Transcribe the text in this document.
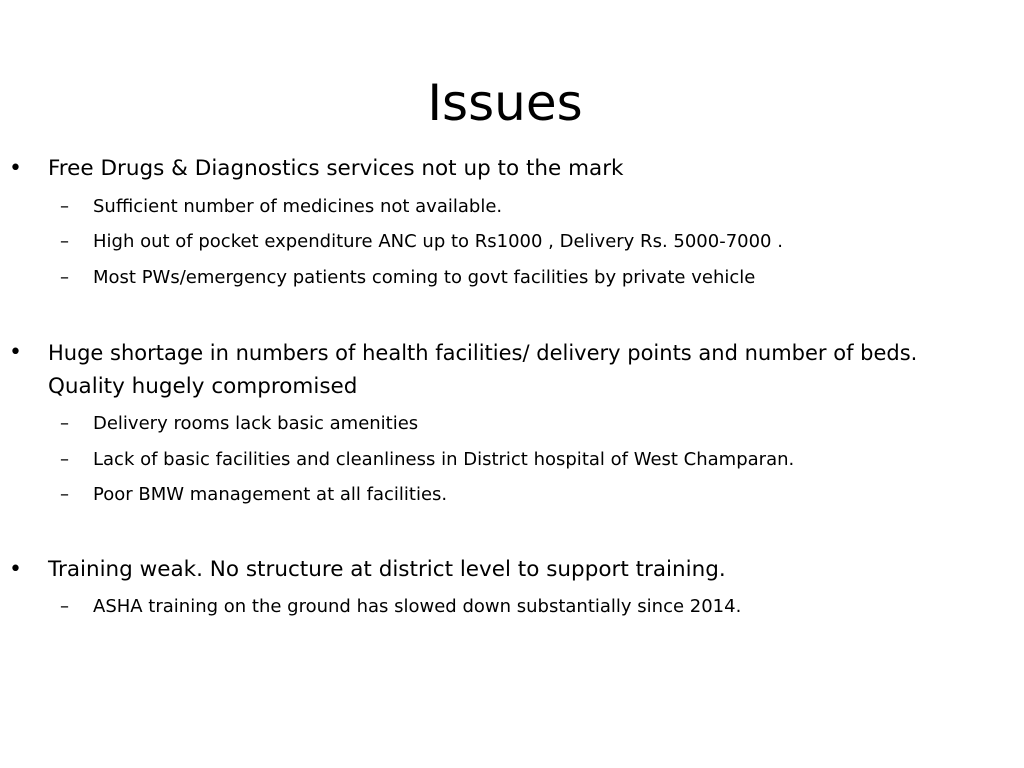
Issues
• Free Drugs & Diagnostics services not up to the mark
– Sufficient number of medicines not available.
– High out of pocket expenditure ANC up to Rs1000 , Delivery Rs. 5000-7000 .
– Most PWs/emergency patients coming to govt facilities by private vehicle
• Huge shortage in numbers of health facilities/ delivery points and number of beds.
Quality hugely compromised
– Delivery rooms lack basic amenities
– Lack of basic facilities and cleanliness in District hospital of West Champaran.
– Poor BMW management at all facilities.
• Training weak. No structure at district level to support training.
– ASHA training on the ground has slowed down substantially since 2014.
